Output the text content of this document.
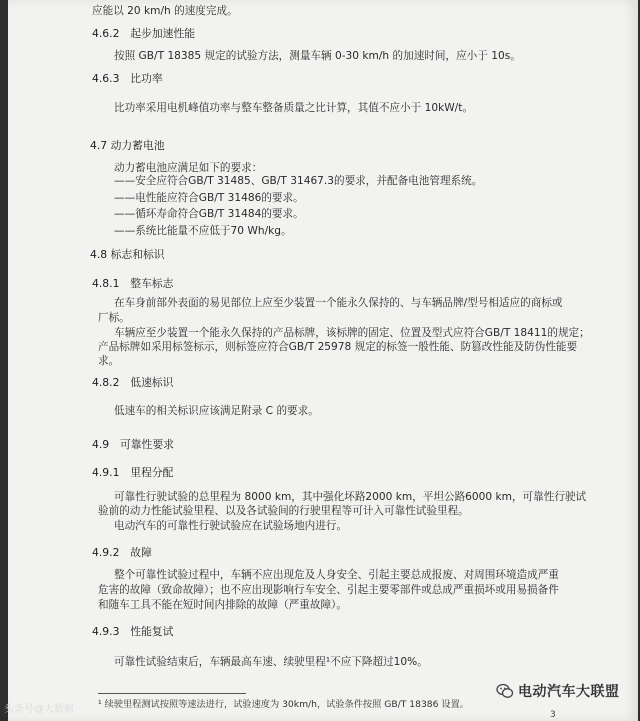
应能以 20 km/h 的速度完成。
4.6.2　起步加速性能
按照 GB/T 18385 规定的试验方法，测量车辆 0-30 km/h 的加速时间，应小于 10s。
4.6.3　比功率
比功率采用电机峰值功率与整车整备质量之比计算，其值不应小于 10kW/t。
4.7 动力蓄电池
动力蓄电池应满足如下的要求：
——安全应符合GB/T 31485、GB/T 31467.3的要求，并配备电池管理系统。
——电性能应符合GB/T 31486的要求。
——循环寿命符合GB/T 31484的要求。
——系统比能量不应低于70 Wh/kg。
4.8 标志和标识
4.8.1　整车标志
在车身前部外表面的易见部位上应至少装置一个能永久保持的、与车辆品牌/型号相适应的商标或
厂标。
车辆应至少装置一个能永久保持的产品标牌，该标牌的固定、位置及型式应符合GB/T 18411的规定；
产品标牌如采用标签标示，则标签应符合GB/T 25978 规定的标签一般性能、防篡改性能及防伪性能要
求。
4.8.2　低速标识
低速车的相关标识应该满足附录 C 的要求。
4.9　可靠性要求
4.9.1　里程分配
可靠性行驶试验的总里程为 8000 km，其中强化坏路2000 km，平坦公路6000 km，可靠性行驶试
验前的动力性能试验里程、以及各试验间的行驶里程等可计入可靠性试验里程。
电动汽车的可靠性行驶试验应在试验场地内进行。
4.9.2　故障
整个可靠性试验过程中，车辆不应出现危及人身安全、引起主要总成报废、对周围环境造成严重
危害的故障（致命故障）；也不应出现影响行车安全、引起主要零部件或总成严重损坏或用易损备件
和随车工具不能在短时间内排除的故障（严重故障）。
4.9.3　性能复试
可靠性试验结束后，车辆最高车速、续驶里程¹不应下降超过10%。
¹ 续驶里程测试按照等速法进行，试验速度为 30km/h，试验条件按照 GB/T 18386 设置。
3
电动汽车大联盟
头条号@大数据
